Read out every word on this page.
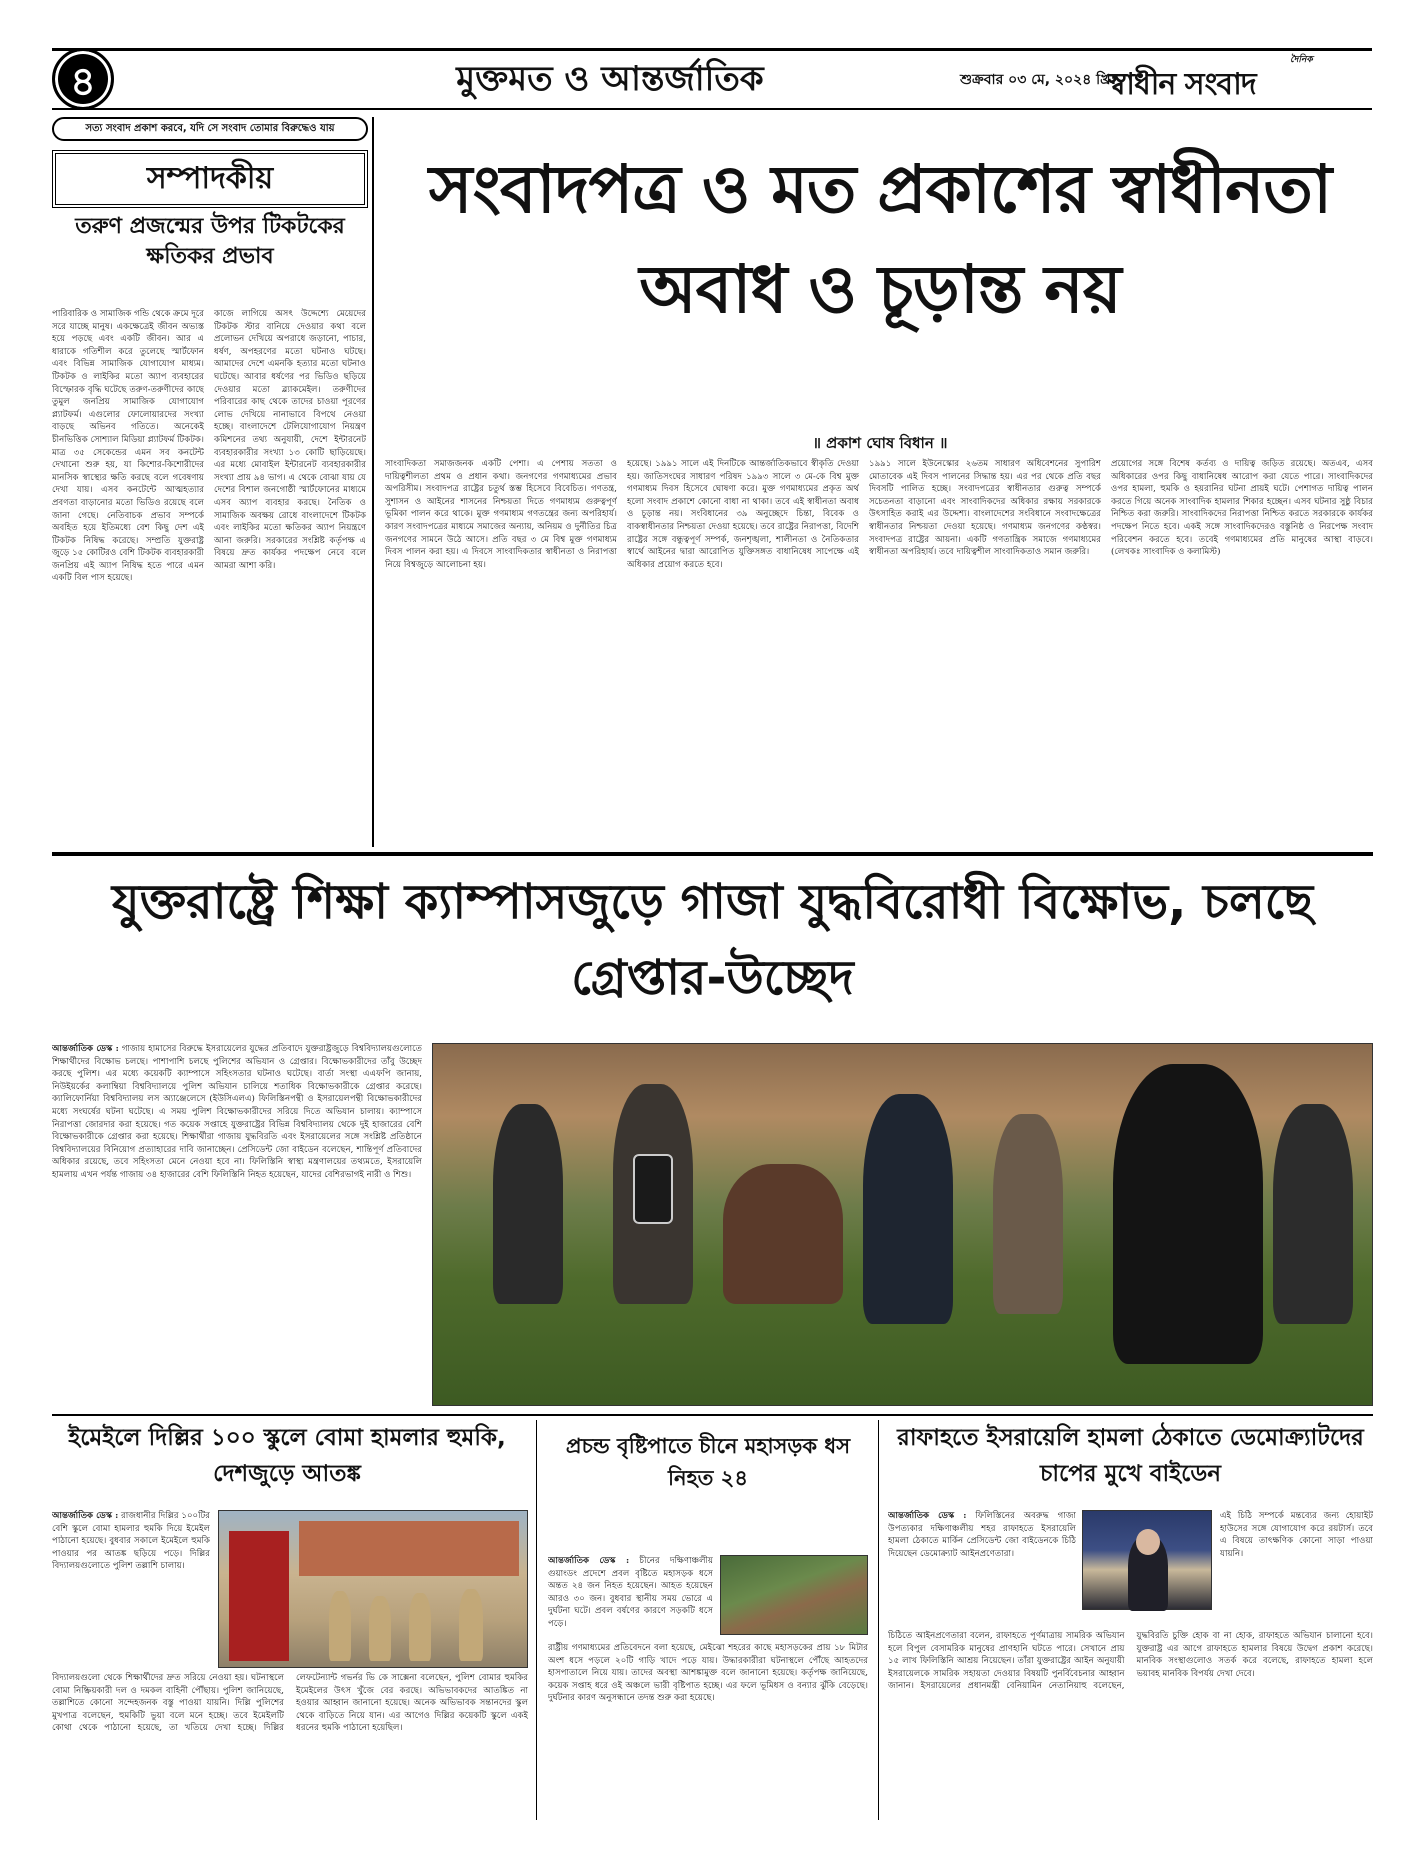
৪	মুক্তমত ও আন্তর্জাতিক	শুক্রবার ০৩ মে, ২০২৪ খ্রি:
দৈনিক
স্বাধীন সংবাদ
সত্য সংবাদ প্রকাশ করবে, যদি সে সংবাদ তোমার বিরুদ্ধেও যায়
সম্পাদকীয়
তরুণ প্রজন্মের উপর টিকটকের ক্ষতিকর প্রভাব
পারিবারিক ও সামাজিক গন্ডি থেকে ক্রমে দূরে সরে যাচ্ছে মানুষ। একক্ষেত্রেই জীবন অভ্যস্ত হয়ে পড়ছে এবং একটি জীবন। আর এ ধারাকে গতিশীল করে তুলেছে স্মার্টফোন এবং বিভিন্ন সামাজিক যোগাযোগ মাধ্যম। টিকটক ও লাইকির মতো অ্যাপ ব্যবহারের বিস্ফোরক বৃদ্ধি ঘটেছে তরুণ-তরুণীদের কাছে তুমুল জনপ্রিয় সামাজিক যোগাযোগ প্ল্যাটফর্ম। এগুলোর ফোলোয়ারদের সংখ্যা বাড়ছে অভিনব গতিতে। অনেকেই চীনভিত্তিক সোশ্যাল মিডিয়া প্ল্যাটফর্ম টিকটক। মাত্র ৩৫ সেকেন্ডের এমন সব কনটেন্ট দেখানো শুরু হয়, যা কিশোর-কিশোরীদের মানসিক স্বাস্থ্যের ক্ষতি করছে বলে গবেষণায় দেখা যায়। এসব কনটেন্টে আত্মহত্যার প্রবণতা বাড়ানোর মতো ভিডিও রয়েছে বলে জানা গেছে। নেতিবাচক প্রভাব সম্পর্কে অবহিত হয়ে ইতিমধ্যে বেশ কিছু দেশ এই টিকটক নিষিদ্ধ করেছে। সম্প্রতি যুক্তরাষ্ট্র জুড়ে ১৫ কোটিরও বেশি টিকটক ব্যবহারকারী জনপ্রিয় এই অ্যাপ নিষিদ্ধ হতে পারে এমন একটি বিল পাস হয়েছে।
কাজে লাগিয়ে অসৎ উদ্দেশ্যে মেয়েদের টিকটক স্টার বানিয়ে দেওয়ার কথা বলে প্রলোভন দেখিয়ে অপরাধে জড়ানো, পাচার, ধর্ষণ, অপহরণের মতো ঘটনাও ঘটছে। আমাদের দেশে এমনকি হত্যার মতো ঘটনাও ঘটেছে। আবার ধর্ষণের পর ভিডিও ছড়িয়ে দেওয়ার মতো ব্ল্যাকমেইল। তরুণীদের পরিবারের কাছ থেকে তাদের চাওয়া পূরণের লোভ দেখিয়ে নানাভাবে বিপথে নেওয়া হচ্ছে। বাংলাদেশে টেলিযোগাযোগ নিয়ন্ত্রণ কমিশনের তথ্য অনুযায়ী, দেশে ইন্টারনেট ব্যবহারকারীর সংখ্যা ১৩ কোটি ছাড়িয়েছে। এর মধ্যে মোবাইল ইন্টারনেট ব্যবহারকারীর সংখ্যা প্রায় ৯৪ ভাগ। এ থেকে বোঝা যায় যে দেশের বিশাল জনগোষ্ঠী স্মার্টফোনের মাধ্যমে এসব অ্যাপ ব্যবহার করছে। নৈতিক ও সামাজিক অবক্ষয় রোধে বাংলাদেশে টিকটক এবং লাইকির মতো ক্ষতিকর অ্যাপ নিয়ন্ত্রণে আনা জরুরি। সরকারের সংশ্লিষ্ট কর্তৃপক্ষ এ বিষয়ে দ্রুত কার্যকর পদক্ষেপ নেবে বলে আমরা আশা করি।
সংবাদপত্র ও মত প্রকাশের স্বাধীনতা অবাধ ও চূড়ান্ত নয়
॥ প্রকাশ ঘোষ বিধান ॥
সাংবাদিকতা সমাজজনক একটি পেশা। এ পেশায় সততা ও দায়িত্বশীলতা প্রথম ও প্রধান কথা। জনগণের গণমাধ্যমের প্রভাব অপরিসীম। সংবাদপত্র রাষ্ট্রের চতুর্থ স্তম্ভ হিসেবে বিবেচিত। গণতন্ত্র, সুশাসন ও আইনের শাসনের নিশ্চয়তা দিতে গণমাধ্যম গুরুত্বপূর্ণ ভূমিকা পালন করে থাকে। মুক্ত গণমাধ্যম গণতন্ত্রের জন্য অপরিহার্য। কারণ সংবাদপত্রের মাধ্যমে সমাজের অন্যায়, অনিয়ম ও দুর্নীতির চিত্র জনগণের সামনে উঠে আসে। প্রতি বছর ৩ মে বিশ্ব মুক্ত গণমাধ্যম দিবস পালন করা হয়। এ দিবসে সাংবাদিকতার স্বাধীনতা ও নিরাপত্তা নিয়ে বিশ্বজুড়ে আলোচনা হয়।
হয়েছে। ১৯৯১ সালে এই দিনটিকে আন্তর্জাতিকভাবে স্বীকৃতি দেওয়া হয়। জাতিসংঘের সাধারণ পরিষদ ১৯৯৩ সালে ৩ মে-কে বিশ্ব মুক্ত গণমাধ্যম দিবস হিসেবে ঘোষণা করে। মুক্ত গণমাধ্যমের প্রকৃত অর্থ হলো সংবাদ প্রকাশে কোনো বাধা না থাকা। তবে এই স্বাধীনতা অবাধ ও চূড়ান্ত নয়। সংবিধানের ৩৯ অনুচ্ছেদে চিন্তা, বিবেক ও বাকস্বাধীনতার নিশ্চয়তা দেওয়া হয়েছে। তবে রাষ্ট্রের নিরাপত্তা, বিদেশি রাষ্ট্রের সঙ্গে বন্ধুত্বপূর্ণ সম্পর্ক, জনশৃঙ্খলা, শালীনতা ও নৈতিকতার স্বার্থে আইনের দ্বারা আরোপিত যুক্তিসঙ্গত বাধানিষেধ সাপেক্ষে এই অধিকার প্রয়োগ করতে হবে।
১৯৯১ সালে ইউনেস্কোর ২৬তম সাধারণ অধিবেশনের সুপারিশ মোতাবেক এই দিবস পালনের সিদ্ধান্ত হয়। এর পর থেকে প্রতি বছর দিবসটি পালিত হচ্ছে। সংবাদপত্রের স্বাধীনতার গুরুত্ব সম্পর্কে সচেতনতা বাড়ানো এবং সাংবাদিকদের অধিকার রক্ষায় সরকারকে উৎসাহিত করাই এর উদ্দেশ্য। বাংলাদেশের সংবিধানে সংবাদক্ষেত্রের স্বাধীনতার নিশ্চয়তা দেওয়া হয়েছে। গণমাধ্যম জনগণের কণ্ঠস্বর। সংবাদপত্র রাষ্ট্রের আয়না। একটি গণতান্ত্রিক সমাজে গণমাধ্যমের স্বাধীনতা অপরিহার্য। তবে দায়িত্বশীল সাংবাদিকতাও সমান জরুরি।
প্রয়োগের সঙ্গে বিশেষ কর্তব্য ও দায়িত্ব জড়িত রয়েছে। অতএব, এসব অধিকারের ওপর কিছু বাধানিষেধ আরোপ করা যেতে পারে। সাংবাদিকদের ওপর হামলা, হুমকি ও হয়রানির ঘটনা প্রায়ই ঘটে। পেশাগত দায়িত্ব পালন করতে গিয়ে অনেক সাংবাদিক হামলার শিকার হচ্ছেন। এসব ঘটনার সুষ্ঠু বিচার নিশ্চিত করা জরুরি। সাংবাদিকদের নিরাপত্তা নিশ্চিত করতে সরকারকে কার্যকর পদক্ষেপ নিতে হবে। একই সঙ্গে সাংবাদিকদেরও বস্তুনিষ্ঠ ও নিরপেক্ষ সংবাদ পরিবেশন করতে হবে। তবেই গণমাধ্যমের প্রতি মানুষের আস্থা বাড়বে। (লেখকঃ সাংবাদিক ও কলামিস্ট)
যুক্তরাষ্ট্রে শিক্ষা ক্যাম্পাসজুড়ে গাজা যুদ্ধবিরোধী বিক্ষোভ, চলছে গ্রেপ্তার-উচ্ছেদ
আন্তর্জাতিক ডেস্ক : গাজায় হামাসের বিরুদ্ধে ইসরায়েলের যুদ্ধের প্রতিবাদে যুক্তরাষ্ট্রজুড়ে বিশ্ববিদ্যালয়গুলোতে শিক্ষার্থীদের বিক্ষোভ চলছে। পাশাপাশি চলছে পুলিশের অভিযান ও গ্রেপ্তার। বিক্ষোভকারীদের তাঁবু উচ্ছেদ করছে পুলিশ। এর মধ্যে কয়েকটি ক্যাম্পাসে সহিংসতার ঘটনাও ঘটেছে। বার্তা সংস্থা এএফপি জানায়, নিউইয়র্কের কলাম্বিয়া বিশ্ববিদ্যালয়ে পুলিশ অভিযান চালিয়ে শতাধিক বিক্ষোভকারীকে গ্রেপ্তার করেছে। ক্যালিফোর্নিয়া বিশ্ববিদ্যালয় লস অ্যাঞ্জেলেসে (ইউসিএলএ) ফিলিস্তিনপন্থী ও ইসরায়েলপন্থী বিক্ষোভকারীদের মধ্যে সংঘর্ষের ঘটনা ঘটেছে। এ সময় পুলিশ বিক্ষোভকারীদের সরিয়ে দিতে অভিযান চালায়। ক্যাম্পাসে নিরাপত্তা জোরদার করা হয়েছে। গত কয়েক সপ্তাহে যুক্তরাষ্ট্রের বিভিন্ন বিশ্ববিদ্যালয় থেকে দুই হাজারের বেশি বিক্ষোভকারীকে গ্রেপ্তার করা হয়েছে। শিক্ষার্থীরা গাজায় যুদ্ধবিরতি এবং ইসরায়েলের সঙ্গে সংশ্লিষ্ট প্রতিষ্ঠানে বিশ্ববিদ্যালয়ের বিনিয়োগ প্রত্যাহারের দাবি জানাচ্ছেন। প্রেসিডেন্ট জো বাইডেন বলেছেন, শান্তিপূর্ণ প্রতিবাদের অধিকার রয়েছে, তবে সহিংসতা মেনে নেওয়া হবে না। ফিলিস্তিনি স্বাস্থ্য মন্ত্রণালয়ের তথ্যমতে, ইসরায়েলি হামলায় এখন পর্যন্ত গাজায় ৩৪ হাজারের বেশি ফিলিস্তিনি নিহত হয়েছেন, যাদের বেশিরভাগই নারী ও শিশু।
ইমেইলে দিল্লির ১০০ স্কুলে বোমা হামলার হুমকি, দেশজুড়ে আতঙ্ক
প্রচন্ড বৃষ্টিপাতে চীনে মহাসড়ক ধস নিহত ২৪
রাফাহতে ইসরায়েলি হামলা ঠেকাতে ডেমোক্র্যাটদের চাপের মুখে বাইডেন
আন্তর্জাতিক ডেস্ক : রাজধানীর দিল্লির ১০০টির বেশি স্কুলে বোমা হামলার হুমকি দিয়ে ইমেইল পাঠানো হয়েছে। বুধবার সকালে ইমেইলে হুমকি পাওয়ার পর আতঙ্ক ছড়িয়ে পড়ে। দিল্লির বিদ্যালয়গুলোতে পুলিশ তল্লাশি চালায়।
বিদ্যালয়গুলো থেকে শিক্ষার্থীদের দ্রুত সরিয়ে নেওয়া হয়। ঘটনাস্থলে বোমা নিষ্ক্রিয়কারী দল ও দমকল বাহিনী পৌঁছায়। পুলিশ জানিয়েছে, তল্লাশিতে কোনো সন্দেহজনক বস্তু পাওয়া যায়নি। দিল্লি পুলিশের মুখপাত্র বলেছেন, হুমকিটি ভুয়া বলে মনে হচ্ছে। তবে ইমেইলটি কোথা থেকে পাঠানো হয়েছে, তা খতিয়ে দেখা হচ্ছে। দিল্লির লেফটেন্যান্ট গভর্নর ভি কে সাক্সেনা বলেছেন, পুলিশ বোমার হুমকির ইমেইলের উৎস খুঁজে বের করছে। অভিভাবকদের আতঙ্কিত না হওয়ার আহ্বান জানানো হয়েছে। অনেক অভিভাবক সন্তানদের স্কুল থেকে বাড়িতে নিয়ে যান। এর আগেও দিল্লির কয়েকটি স্কুলে একই ধরনের হুমকি পাঠানো হয়েছিল।
আন্তর্জাতিক ডেস্ক : চীনের দক্ষিণাঞ্চলীয় গুয়াংডং প্রদেশে প্রবল বৃষ্টিতে মহাসড়ক ধসে অন্তত ২৪ জন নিহত হয়েছেন। আহত হয়েছেন আরও ৩০ জন। বুধবার স্থানীয় সময় ভোরে এ দুর্ঘটনা ঘটে। প্রবল বর্ষণের কারণে সড়কটি ধসে পড়ে।
রাষ্ট্রীয় গণমাধ্যমের প্রতিবেদনে বলা হয়েছে, মেইঝো শহরের কাছে মহাসড়কের প্রায় ১৮ মিটার অংশ ধসে পড়লে ২০টি গাড়ি খাদে পড়ে যায়। উদ্ধারকারীরা ঘটনাস্থলে পৌঁছে আহতদের হাসপাতালে নিয়ে যায়। তাদের অবস্থা আশঙ্কামুক্ত বলে জানানো হয়েছে। কর্তৃপক্ষ জানিয়েছে, কয়েক সপ্তাহ ধরে ওই অঞ্চলে ভারী বৃষ্টিপাত হচ্ছে। এর ফলে ভূমিধস ও বন্যার ঝুঁকি বেড়েছে। দুর্ঘটনার কারণ অনুসন্ধানে তদন্ত শুরু করা হয়েছে।
আন্তর্জাতিক ডেস্ক : ফিলিস্তিনের অবরুদ্ধ গাজা উপত্যকার দক্ষিণাঞ্চলীয় শহর রাফাহতে ইসরায়েলি হামলা ঠেকাতে মার্কিন প্রেসিডেন্ট জো বাইডেনকে চিঠি দিয়েছেন ডেমোক্র্যাট আইনপ্রণেতারা।
এই চিঠি সম্পর্কে মন্তব্যের জন্য হোয়াইট হাউসের সঙ্গে যোগাযোগ করে রয়টার্স। তবে এ বিষয়ে তাৎক্ষণিক কোনো সাড়া পাওয়া যায়নি।
চিঠিতে আইনপ্রণেতারা বলেন, রাফাহতে পূর্ণমাত্রায় সামরিক অভিযান হলে বিপুল বেসামরিক মানুষের প্রাণহানি ঘটতে পারে। সেখানে প্রায় ১৫ লাখ ফিলিস্তিনি আশ্রয় নিয়েছেন। তাঁরা যুক্তরাষ্ট্রের আইন অনুযায়ী ইসরায়েলকে সামরিক সহায়তা দেওয়ার বিষয়টি পুনর্বিবেচনার আহ্বান জানান। ইসরায়েলের প্রধানমন্ত্রী বেনিয়ামিন নেতানিয়াহু বলেছেন, যুদ্ধবিরতি চুক্তি হোক বা না হোক, রাফাহতে অভিযান চালানো হবে। যুক্তরাষ্ট্র এর আগে রাফাহতে হামলার বিষয়ে উদ্বেগ প্রকাশ করেছে। মানবিক সংস্থাগুলোও সতর্ক করে বলেছে, রাফাহতে হামলা হলে ভয়াবহ মানবিক বিপর্যয় দেখা দেবে।
